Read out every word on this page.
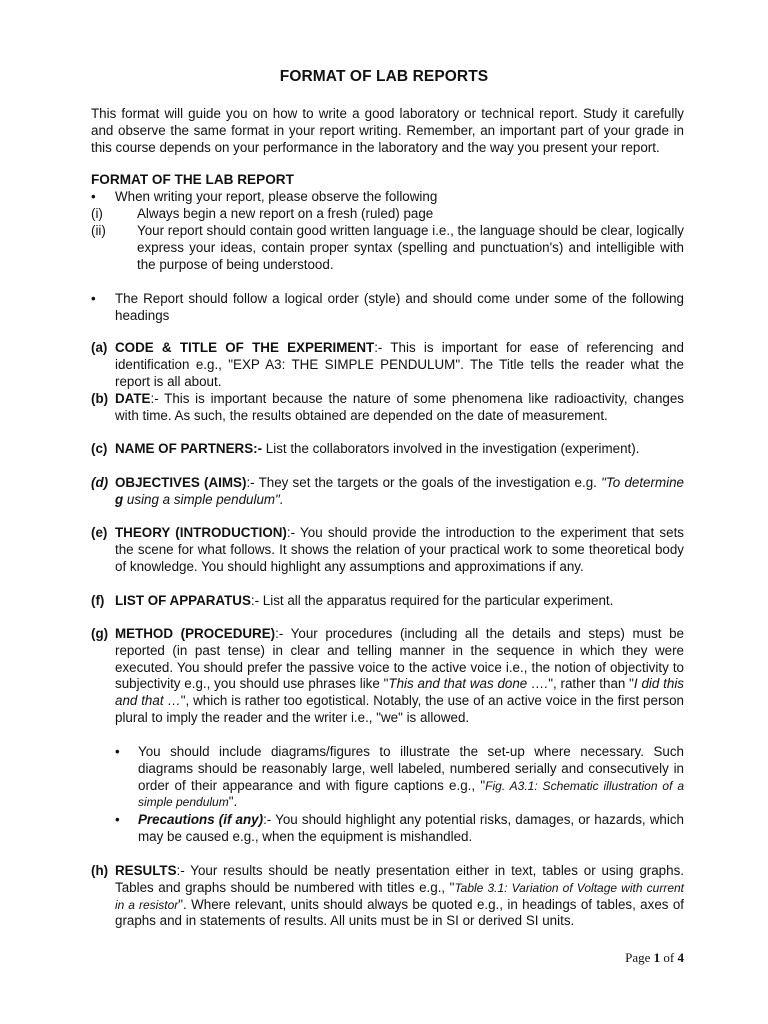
FORMAT OF LAB REPORTS
This format will guide you on how to write a good laboratory or technical report. Study it carefully and observe the same format in your report writing. Remember, an important part of your grade in this course depends on your performance in the laboratory and the way you present your report.
FORMAT OF THE LAB REPORT
• When writing your report, please observe the following
(i)	Always begin a new report on a fresh (ruled) page
(ii) Your report should contain good written language i.e., the language should be clear, logically express your ideas, contain proper syntax (spelling and punctuation's) and intelligible with the purpose of being understood.
• The Report should follow a logical order (style) and should come under some of the following headings
(a) CODE & TITLE OF THE EXPERIMENT:- This is important for ease of referencing and identification e.g., "EXP A3: THE SIMPLE PENDULUM". The Title tells the reader what the report is all about.
(b) DATE:- This is important because the nature of some phenomena like radioactivity, changes with time. As such, the results obtained are depended on the date of measurement.
(c) NAME OF PARTNERS:- List the collaborators involved in the investigation (experiment).
(d) OBJECTIVES (AIMS):- They set the targets or the goals of the investigation e.g. "To determine g using a simple pendulum".
(e) THEORY (INTRODUCTION):- You should provide the introduction to the experiment that sets the scene for what follows. It shows the relation of your practical work to some theoretical body of knowledge. You should highlight any assumptions and approximations if any.
(f) LIST OF APPARATUS:- List all the apparatus required for the particular experiment.
(g) METHOD (PROCEDURE):- Your procedures (including all the details and steps) must be reported (in past tense) in clear and telling manner in the sequence in which they were executed. You should prefer the passive voice to the active voice i.e., the notion of objectivity to subjectivity e.g., you should use phrases like "This and that was done ….", rather than "I did this and that …", which is rather too egotistical. Notably, the use of an active voice in the first person plural to imply the reader and the writer i.e., "we" is allowed.
• You should include diagrams/figures to illustrate the set-up where necessary. Such diagrams should be reasonably large, well labeled, numbered serially and consecutively in order of their appearance and with figure captions e.g., "Fig. A3.1: Schematic illustration of a simple pendulum".
• Precautions (if any):- You should highlight any potential risks, damages, or hazards, which may be caused e.g., when the equipment is mishandled.
(h) RESULTS:- Your results should be neatly presentation either in text, tables or using graphs. Tables and graphs should be numbered with titles e.g., "Table 3.1: Variation of Voltage with current in a resistor". Where relevant, units should always be quoted e.g., in headings of tables, axes of graphs and in statements of results. All units must be in SI or derived SI units.
Page 1 of 4
